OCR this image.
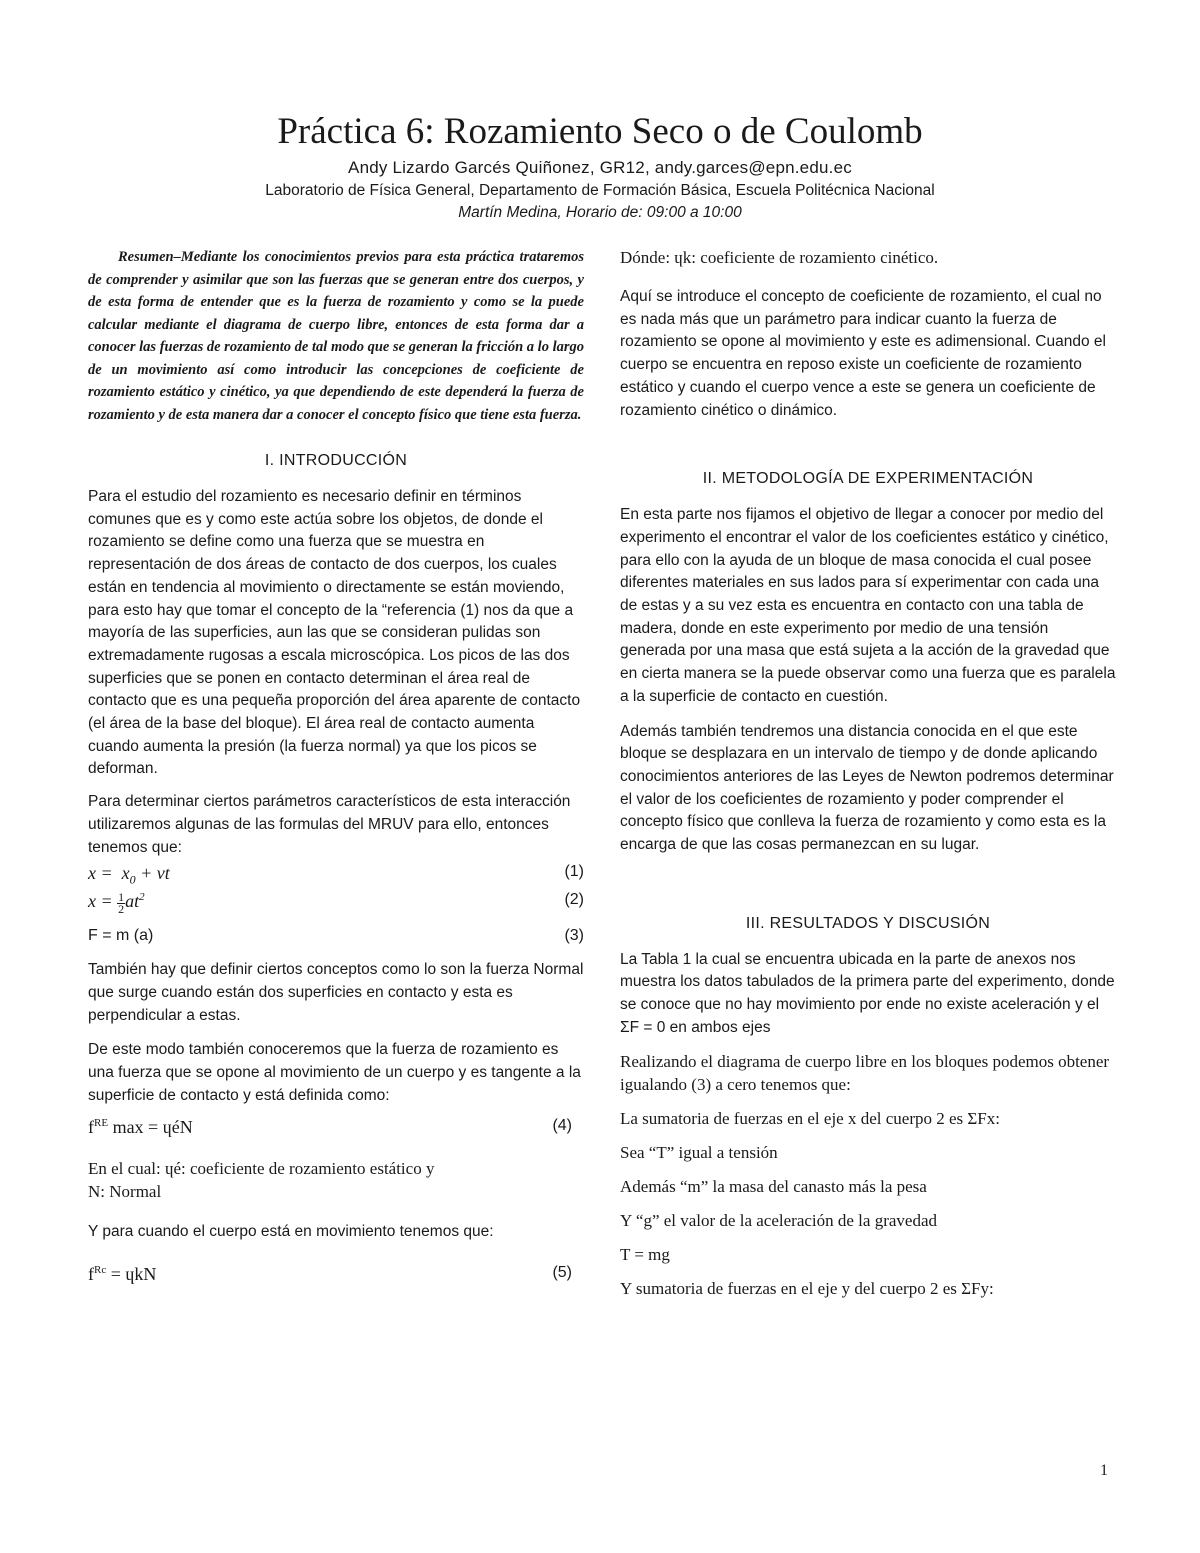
Práctica 6: Rozamiento Seco o de Coulomb
Andy Lizardo Garcés Quiñonez, GR12, andy.garces@epn.edu.ec
Laboratorio de Física General, Departamento de Formación Básica, Escuela Politécnica Nacional
Martín Medina, Horario de: 09:00 a 10:00

Resumen–Mediante los conocimientos previos para esta práctica trataremos de comprender y asimilar que son las fuerzas que se generan entre dos cuerpos, y de esta forma de entender que es la fuerza de rozamiento y como se la puede calcular mediante el diagrama de cuerpo libre, entonces de esta forma dar a conocer las fuerzas de rozamiento de tal modo que se generan la fricción a lo largo de un movimiento así como introducir las concepciones de coeficiente de rozamiento estático y cinético, ya que dependiendo de este dependerá la fuerza de rozamiento y de esta manera dar a conocer el concepto físico que tiene esta fuerza.

I. INTRODUCCIÓN

Para el estudio del rozamiento es necesario definir en términos comunes que es y como este actúa sobre los objetos, de donde el rozamiento se define como una fuerza que se muestra en representación de dos áreas de contacto de dos cuerpos, los cuales están en tendencia al movimiento o directamente se están moviendo, para esto hay que tomar el concepto de la “referencia (1) nos da que a mayoría de las superficies, aun las que se consideran pulidas son extremadamente rugosas a escala microscópica. Los picos de las dos superficies que se ponen en contacto determinan el área real de contacto que es una pequeña proporción del área aparente de contacto (el área de la base del bloque). El área real de contacto aumenta cuando aumenta la presión (la fuerza normal) ya que los picos se deforman.

Para determinar ciertos parámetros característicos de esta interacción utilizaremos algunas de las formulas del MRUV para ello, entonces tenemos que:

$x = x_0$ + vt	(1)
$x = \frac{1}{2} at^2$	(2)
F = m (a)	(3)

También hay que definir ciertos conceptos como lo son la fuerza Normal que surge cuando están dos superficies en contacto y esta es perpendicular a estas.

De este modo también conoceremos que la fuerza de rozamiento es una fuerza que se opone al movimiento de un cuerpo y es tangente a la superficie de contacto y está definida como:

$f^{RE}$ max = ɥéN	(4)

En el cual: ɥé: coeficiente de rozamiento estático y

N: Normal

Y para cuando el cuerpo está en movimiento tenemos que:

$f^{Rc}$ = ɥkN	(5)

Dónde: ɥk: coeficiente de rozamiento cinético.

Aquí se introduce el concepto de coeficiente de rozamiento, el cual no es nada más que un parámetro para indicar cuanto la fuerza de rozamiento se opone al movimiento y este es adimensional. Cuando el cuerpo se encuentra en reposo existe un coeficiente de rozamiento estático y cuando el cuerpo vence a este se genera un coeficiente de rozamiento cinético o dinámico.

II. METODOLOGÍA DE EXPERIMENTACIÓN

En esta parte nos fijamos el objetivo de llegar a conocer por medio del experimento el encontrar el valor de los coeficientes estático y cinético, para ello con la ayuda de un bloque de masa conocida el cual posee diferentes materiales en sus lados para sí experimentar con cada una de estas y a su vez esta es encuentra en contacto con una tabla de madera, donde en este experimento por medio de una tensión generada por una masa que está sujeta a la acción de la gravedad que en cierta manera se la puede observar como una fuerza que es paralela a la superficie de contacto en cuestión.

Además también tendremos una distancia conocida en el que este bloque se desplazara en un intervalo de tiempo y de donde aplicando conocimientos anteriores de las Leyes de Newton podremos determinar el valor de los coeficientes de rozamiento y poder comprender el concepto físico que conlleva la fuerza de rozamiento y como esta es la encarga de que las cosas permanezcan en su lugar.

III. RESULTADOS Y DISCUSIÓN

La Tabla 1 la cual se encuentra ubicada en la parte de anexos nos muestra los datos tabulados de la primera parte del experimento, donde se conoce que no hay movimiento por ende no existe aceleración y el ΣF = 0 en ambos ejes

Realizando el diagrama de cuerpo libre en los bloques podemos obtener igualando (3) a cero tenemos que:

La sumatoria de fuerzas en el eje x del cuerpo 2 es ΣFx:

Sea “T” igual a tensión

Además “m” la masa del canasto más la pesa

Y “g” el valor de la aceleración de la gravedad

T = mg

Y sumatoria de fuerzas en el eje y del cuerpo 2 es ΣFy:

1
